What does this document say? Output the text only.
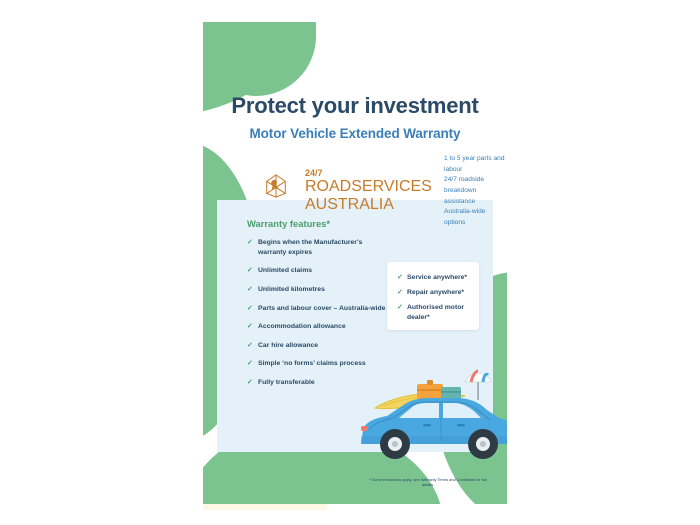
Protect your investment
Motor Vehicle Extended Warranty
24/7
ROADSERVICES AUSTRALIA
1 to 5 year parts and labour
24/7 roadside breakdown assistance
Australia-wide options
Warranty features*
✓ Begins when the Manufacturer's warranty expires
✓ Unlimited claims
✓ Unlimited kilometres
✓ Parts and labour cover – Australia-wide
✓ Accommodation allowance
✓ Car hire allowance
✓ Simple ‘no forms’ claims process
✓ Fully transferable
✓ Service anywhere*
✓ Repair anywhere*
✓ Authorised motor dealer*
* Some exclusions apply, see Warranty Terms and Conditions for full details.
